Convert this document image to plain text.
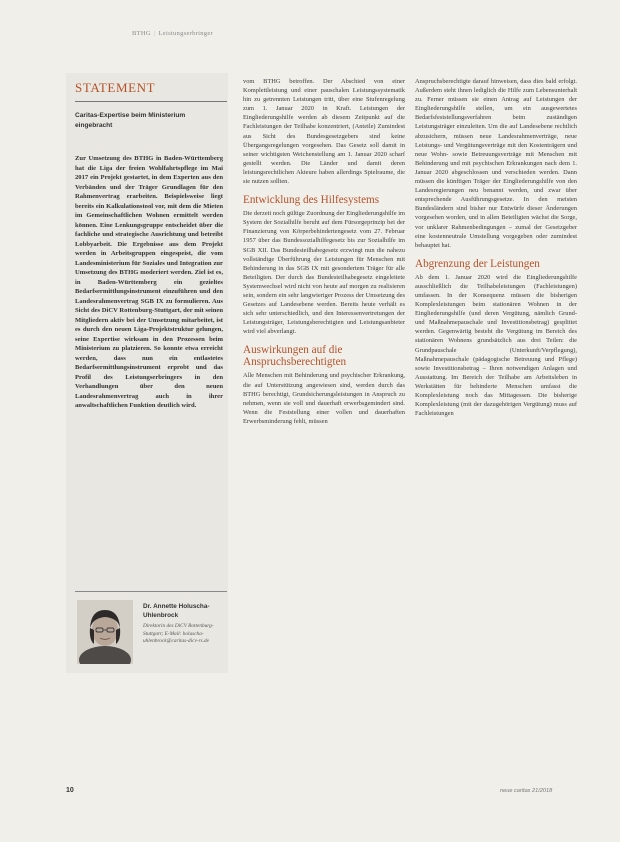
BTHG | Leistungserbringer
STATEMENT
Caritas-Expertise beim Ministerium eingebracht
Zur Umsetzung des BTHG in Baden-Württemberg hat die Liga der freien Wohlfahrtspflege im Mai 2017 ein Projekt gestartet, in dem Experten aus den Verbänden und der Träger Grundlagen für den Rahmenvertrag erarbeiten. Beispielsweise liegt bereits ein Kalkulationstool vor, mit dem die Mieten im Gemeinschaftlichen Wohnen ermittelt werden können. Eine Lenkungsgruppe entscheidet über die fachliche und strategische Ausrichtung und betreibt Lobbyarbeit. Die Ergebnisse aus dem Projekt werden in Arbeitsgruppen eingespeist, die vom Landesministerium für Soziales und Integration zur Umsetzung des BTHG moderiert werden. Ziel ist es, in Baden-Württemberg ein gezieltes Bedarfsermittlungsinstrument einzuführen und den Landesrahmenvertrag SGB IX zu formulieren. Aus Sicht des DiCV Rottenburg-Stuttgart, der mit seinen Mitgliedern aktiv bei der Umsetzung mitarbeitet, ist es durch den neuen Liga-Projektstruktur gelungen, seine Expertise wirksam in den Prozessen beim Ministerium zu platzieren. So konnte etwa erreicht werden, dass nun ein entlastetes Bedarfsermittlungsinstrument erprobt und das Profil des Leistungserbringers in den Verhandlungen über den neuen Landesrahmenvertrag auch in ihrer anwaltschaftlichen Funktion deutlich wird.
Dr. Annette Holuscha-Uhlenbrock
Direktorin des DiCV Rottenburg-Stuttgart; E-Mail: holuscha-uhlenbrock@caritas-dicv-rs.de

vom BTHG betroffen. Der Abschied von einer Komplettleistung und einer pauschalen Leistungssystematik hin zu getrennten Leistungen tritt, über eine Stufenregelung zum 1. Januar 2020 in Kraft. Leistungen der Eingliederungshilfe werden ab diesem Zeitpunkt auf die Fachleistungen der Teilhabe konzentriert, (Anteile) Zumindest aus Sicht des Bundesgesetzgebers sind keine Übergangsregelungen vorgesehen. Das Gesetz soll damit in seiner wichtigsten Weichenstellung am 1. Januar 2020 scharf gestellt werden. Die Länder und damit deren leistungsrechtlichen Akteure haben allerdings Spielraume, die sie nutzen sollten.

Entwicklung des Hilfesystems

Die derzeit noch gültige Zuordnung der Eingliederungshilfe im System der Sozialhilfe beruht auf dem Fürsorgeprinzip bei der Finanzierung von Körperbehindertengesetz vom 27. Februar 1957 über das Bundessozialhilfegesetz bis zur Sozialhilfe im SGB XII. Das Bundesteilhabegesetz erzwingt nun die nahezu vollständige Überführung der Leistungen für Menschen mit Behinderung in das SGB IX mit gesondertem Träger für alle Beteiligten. Der durch das Bundesteilhabegesetz eingeleitete Systemwechsel wird nicht von heute auf morgen zu realisieren sein, sondern ein sehr langwieriger Prozess der Umsetzung des Gesetzes auf Landesebene werden. Bereits heute verhält es sich sehr unterschiedlich, und den Interessenvertretungen der Leistungsträger, Leistungsberechtigten und Leistungsanbieter wird viel abverlangt.

Auswirkungen auf die Anspruchsberechtigten

Alle Menschen mit Behinderung und psychischer Erkrankung, die auf Unterstützung angewiesen sind, werden durch das BTHG berechtigt, Grundsicherungsleistungen in Anspruch zu nehmen, wenn sie voll und dauerhaft erwerbsgemindert sind. Wenn die Feststellung einer vollen und dauerhaften Erwerbsminderung fehlt, müssen

Anspruchsberechtigte darauf hinweisen, dass dies bald erfolgt. Außerdem steht ihnen lediglich die Hilfe zum Lebensunterhalt zu. Ferner müssen sie einen Antrag auf Leistungen der Eingliederungshilfe stellen, um ein ausgewertetes Bedarfsfeststellungsverfahren beim zuständigen Leistungsträger einzuleiten. Um die auf Landesebene rechtlich abzusichern, müssen neue Landesrahmenverträge, neue Leistungs- und Vergütungsverträge mit den Kostenträgern und neue Wohn- sowie Betreuungsverträge mit Menschen mit Behinderung und mit psychischen Erkrankungen nach dem 1. Januar 2020 abgeschlossen und verschieden werden. Dann müssen die künftigen Träger der Eingliederungshilfe von den Landesregierungen neu benannt werden, und zwar über entsprechende Ausführungsgesetze. In den meisten Bundesländern sind bisher nur Entwürfe dieser Änderungen vorgesehen worden, und in allen Beteiligten wächst die Sorge, vor unklarer Rahmenbedingungen – zumal der Gesetzgeber eine kostenneutrale Umstellung vorgegeben oder zumindest behauptet hat.

Abgrenzung der Leistungen

Ab dem 1. Januar 2020 wird die Eingliederungshilfe ausschließlich die Teilhabeleistungen (Fachleistungen) umfassen. In der Konsequenz müssen die bisherigen Komplexleistungen beim stationären Wohnen in der Eingliederungshilfe (und deren Vergütung, nämlich Grund- und Maßnahmepauschale und Investitionsbetrag) gesplittet werden. Gegenwärtig besteht die Vergütung im Bereich des stationären Wohnens grundsätzlich aus drei Teilen: die Grundpauschale (Unterkunft/Verpflegung), Maßnahmepauschale (pädagogische Betreuung und Pflege) sowie Investitionsbetrag – Ihren notwendigen Anlagen und Ausstattung. Im Bereich der Teilhabe am Arbeitsleben in Werkstätten für behinderte Menschen umfasst die Komplexleistung noch das Mittagessen. Die bisherige Komplexleistung (mit der dazugehörigen Vergütung) muss auf Fachleistungen

10	neue caritas 21/2018
